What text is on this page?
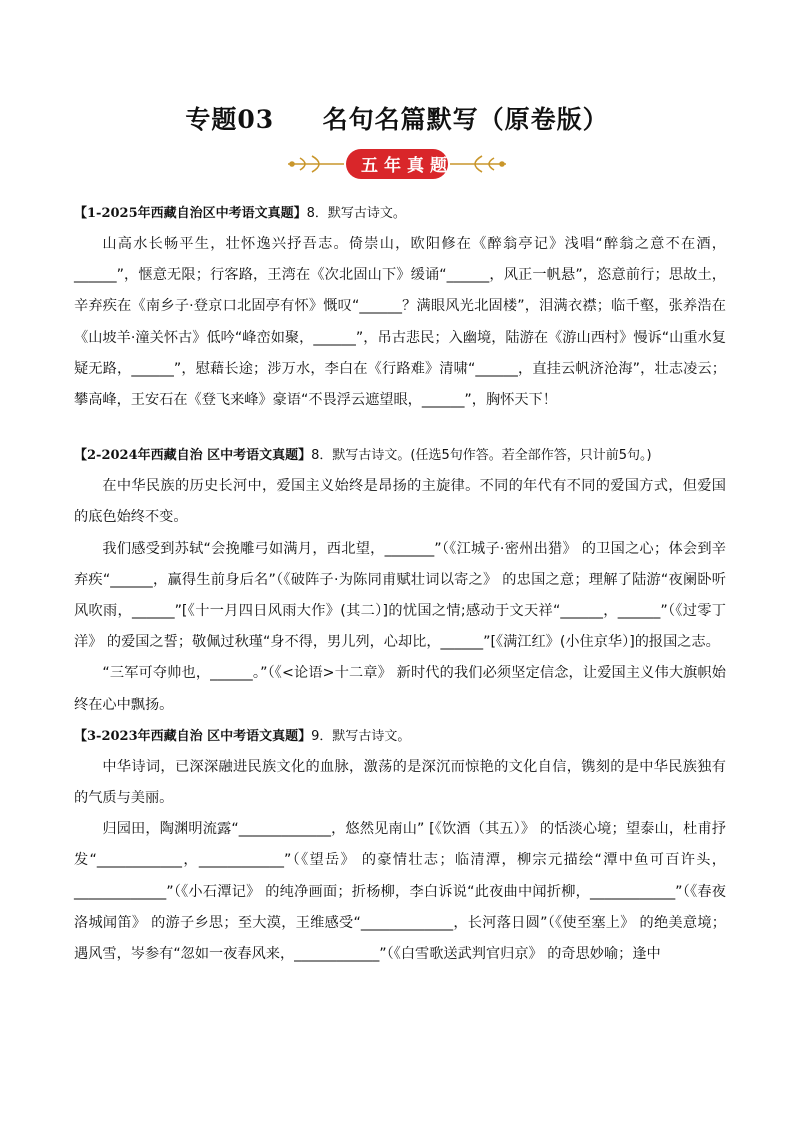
专题03     名句名篇默写（原卷版）
五 年 真 题

【1-2025年西藏自治区中考语文真题】8．默写古诗文。

山高水长畅平生，壮怀逸兴抒吾志。倚崇山，欧阳修在《醉翁亭记》浅唱“醉翁之意不在酒，______”，惬意无限；行客路，王湾在《次北固山下》缓诵“______，风正一帆悬”，恣意前行；思故土，辛弃疾在《南乡子·登京口北固亭有怀》慨叹“______？满眼风光北固楼”，泪满衣襟；临千壑，张养浩在《山坡羊·潼关怀古》低吟“峰峦如聚，______”，吊古悲民；入幽境，陆游在《游山西村》慢诉“山重水复疑无路，______”，慰藉长途；涉万水，李白在《行路难》清啸“______，直挂云帆济沧海”，壮志凌云；攀高峰，王安石在《登飞来峰》豪语“不畏浮云遮望眼，______”，胸怀天下！

【2-2024年西藏自治 区中考语文真题】8．默写古诗文。(任选5句作答。若全部作答，只计前5句。)

在中华民族的历史长河中，爱国主义始终是昂扬的主旋律。不同的年代有不同的爱国方式，但爱国的底色始终不变。

我们感受到苏轼“会挽雕弓如满月，西北望，_______”（《江城子·密州出猎》 的卫国之心；体会到辛弃疾“______，赢得生前身后名”（《破阵子·为陈同甫赋壮词以寄之》 的忠国之意；理解了陆游“夜阑卧听风吹雨，______”[《十一月四日风雨大作》(其二）]的忧国之情;感动于文天祥“______，______”（《过零丁洋》 的爱国之誓；敬佩过秋瑾“身不得，男儿列，心却比，______”[《满江红》(小住京华）]的报国之志。

“三军可夺帅也，______。”（《<论语>十二章》 新时代的我们必须坚定信念，让爱国主义伟大旗帜始终在心中飘扬。

【3-2023年西藏自治 区中考语文真题】9．默写古诗文。

中华诗词，已深深融进民族文化的血脉，激荡的是深沉而惊艳的文化自信，镌刻的是中华民族独有的气质与美丽。

归园田，陶渊明流露“_____________，悠然见南山” [《饮酒（其五）》 的恬淡心境；望泰山，杜甫抒发“____________，____________”（《望岳》 的豪情壮志；临清潭，柳宗元描绘“潭中鱼可百许头，_____________”（《小石潭记》 的纯净画面；折杨柳，李白诉说“此夜曲中闻折柳，____________”（《春夜洛城闻笛》 的游子乡思；至大漠，王维感受“_____________，长河落日圆”（《使至塞上》 的绝美意境；遇风雪，岑参有“忽如一夜春风来，____________”（《白雪歌送武判官归京》 的奇思妙喻；逢中
